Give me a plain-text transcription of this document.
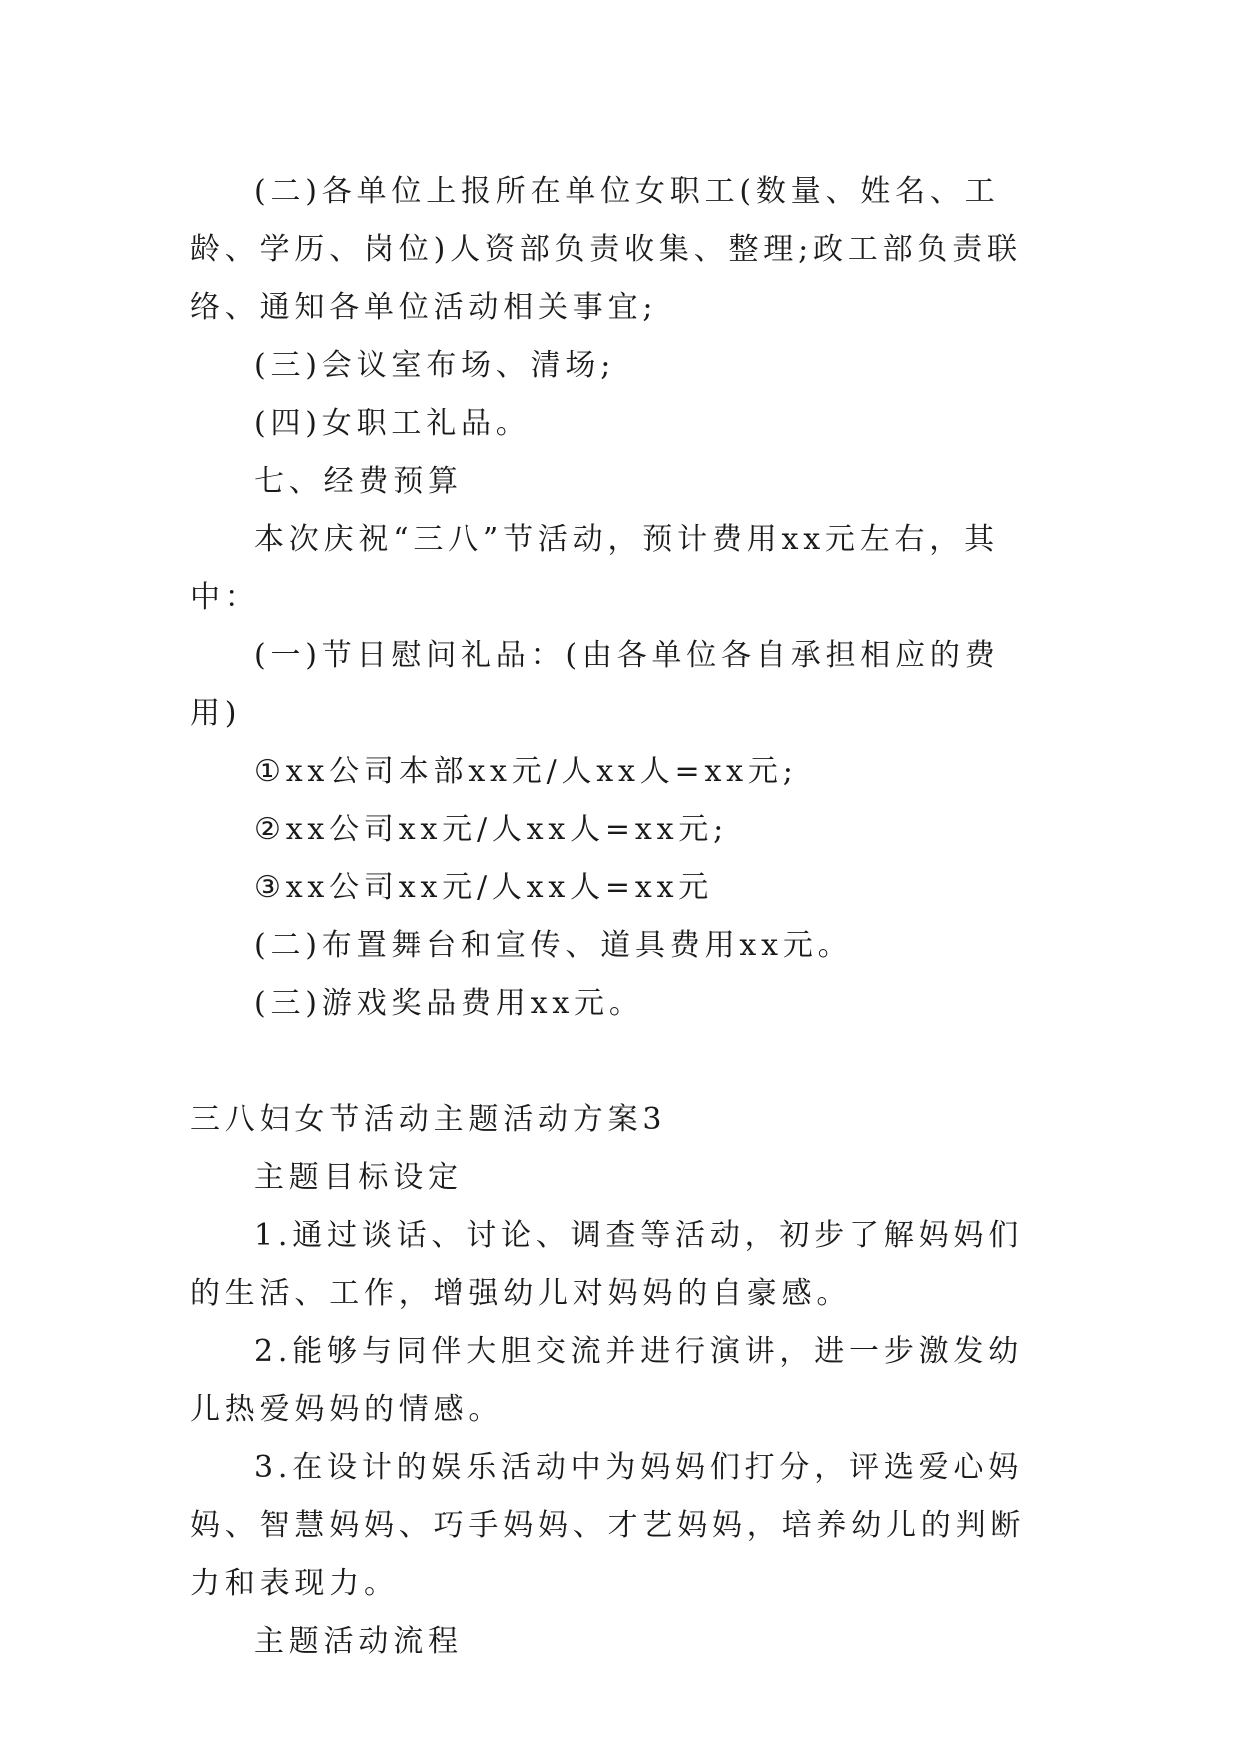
(二)各单位上报所在单位女职工(数量、姓名、工龄、学历、岗位)人资部负责收集、整理;政工部负责联络、通知各单位活动相关事宜;

(三)会议室布场、清场;

(四)女职工礼品。

七、经费预算

本次庆祝“三八”节活动，预计费用xx元左右，其中：

(一)节日慰问礼品：(由各单位各自承担相应的费用)

①xx公司本部xx元/人xx人=xx元;

②xx公司xx元/人xx人=xx元;

③xx公司xx元/人xx人=xx元

(二)布置舞台和宣传、道具费用xx元。

(三)游戏奖品费用xx元。

三八妇女节活动主题活动方案3

主题目标设定

1.通过谈话、讨论、调查等活动，初步了解妈妈们的生活、工作，增强幼儿对妈妈的自豪感。

2.能够与同伴大胆交流并进行演讲，进一步激发幼儿热爱妈妈的情感。

3.在设计的娱乐活动中为妈妈们打分，评选爱心妈妈、智慧妈妈、巧手妈妈、才艺妈妈，培养幼儿的判断力和表现力。

主题活动流程
